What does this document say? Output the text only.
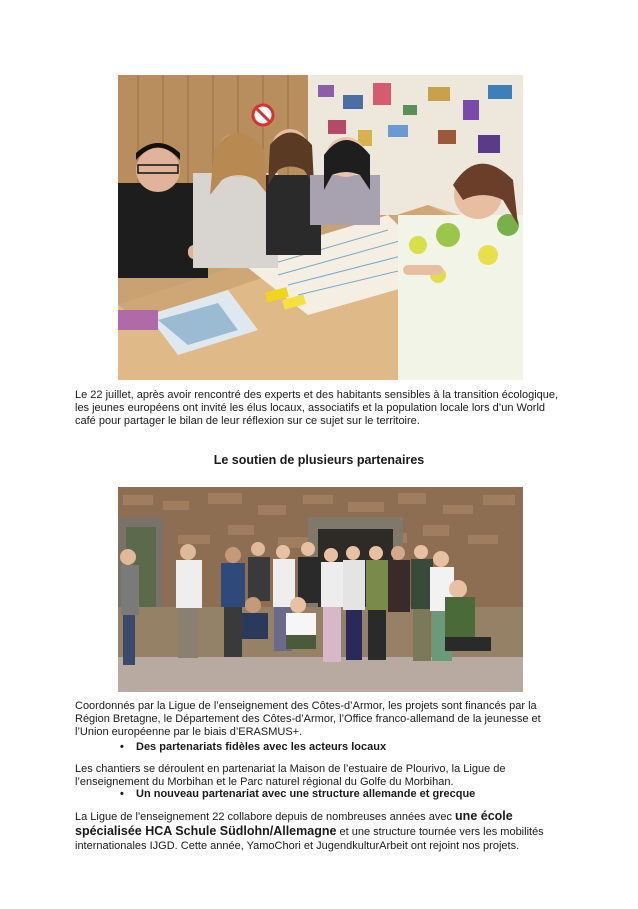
Le 22 juillet, après avoir rencontré des experts et des habitants sensibles à la transition écologique, les jeunes européens ont invité les élus locaux, associatifs et la population locale lors d’un World café pour partager le bilan de leur réflexion sur ce sujet sur le territoire.

Le soutien de plusieurs partenaires

Coordonnés par la Ligue de l’enseignement des Côtes-d’Armor, les projets sont financés par la Région Bretagne, le Département des Côtes-d’Armor, l’Office franco-allemand de la jeunesse et l’Union européenne par le biais d’ERASMUS+.

• Des partenariats fidèles avec les acteurs locaux

Les chantiers se déroulent en partenariat la Maison de l’estuaire de Plourivo, la Ligue de l’enseignement du Morbihan et le Parc naturel régional du Golfe du Morbihan.

• Un nouveau partenariat avec une structure allemande et grecque

La Ligue de l'enseignement 22 collabore depuis de nombreuses années avec une école spécialisée HCA Schule Südlohn/Allemagne et une structure tournée vers les mobilités internationales IJGD. Cette année, YamoChori et JugendkulturArbeit ont rejoint nos projets.
